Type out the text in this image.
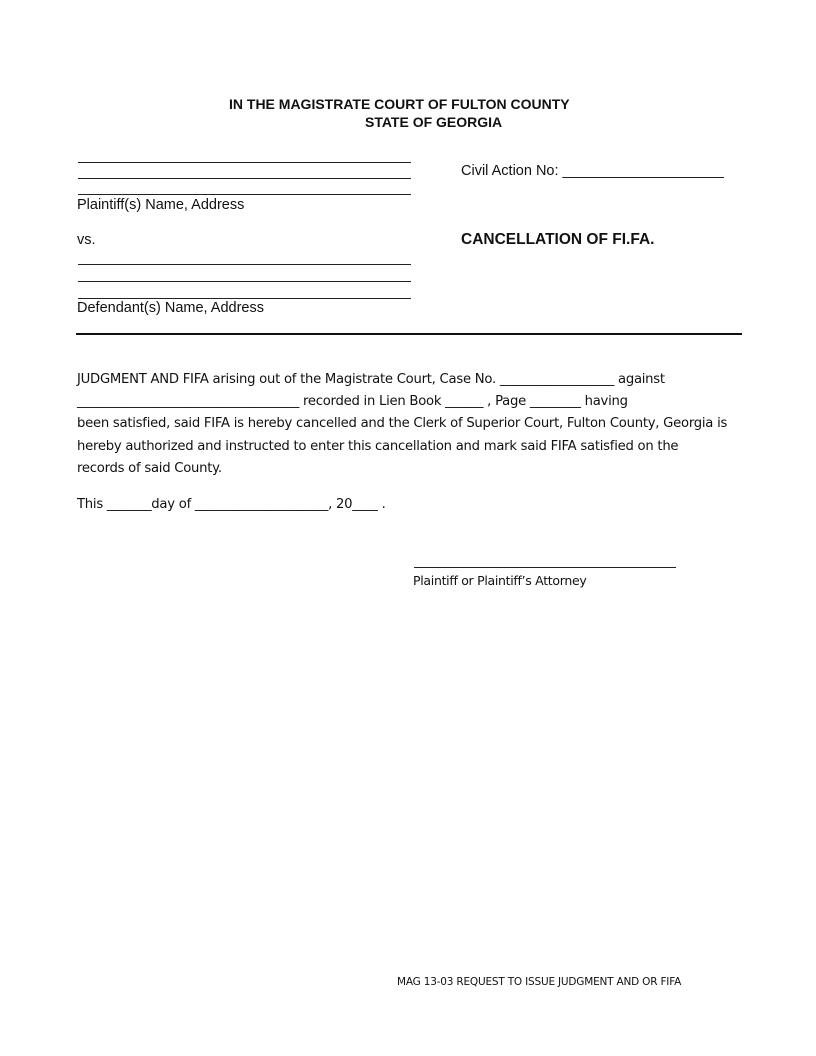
IN THE MAGISTRATE COURT OF FULTON COUNTY
STATE OF GEORGIA
Plaintiff(s) Name, Address
Civil Action No: ____________________
vs.	CANCELLATION OF FI.FA.
Defendant(s) Name, Address
JUDGMENT AND FIFA arising out of the Magistrate Court, Case No. __________________ against
___________________________________ recorded in Lien Book ______ , Page ________ having
been satisfied, said FIFA is hereby cancelled and the Clerk of Superior Court, Fulton County, Georgia is
hereby authorized and instructed to enter this cancellation and mark said FIFA satisfied on the
records of said County.
This _______day of _____________________, 20____ .
Plaintiff or Plaintiff’s Attorney
MAG 13-03 REQUEST TO ISSUE JUDGMENT AND OR FIFA
